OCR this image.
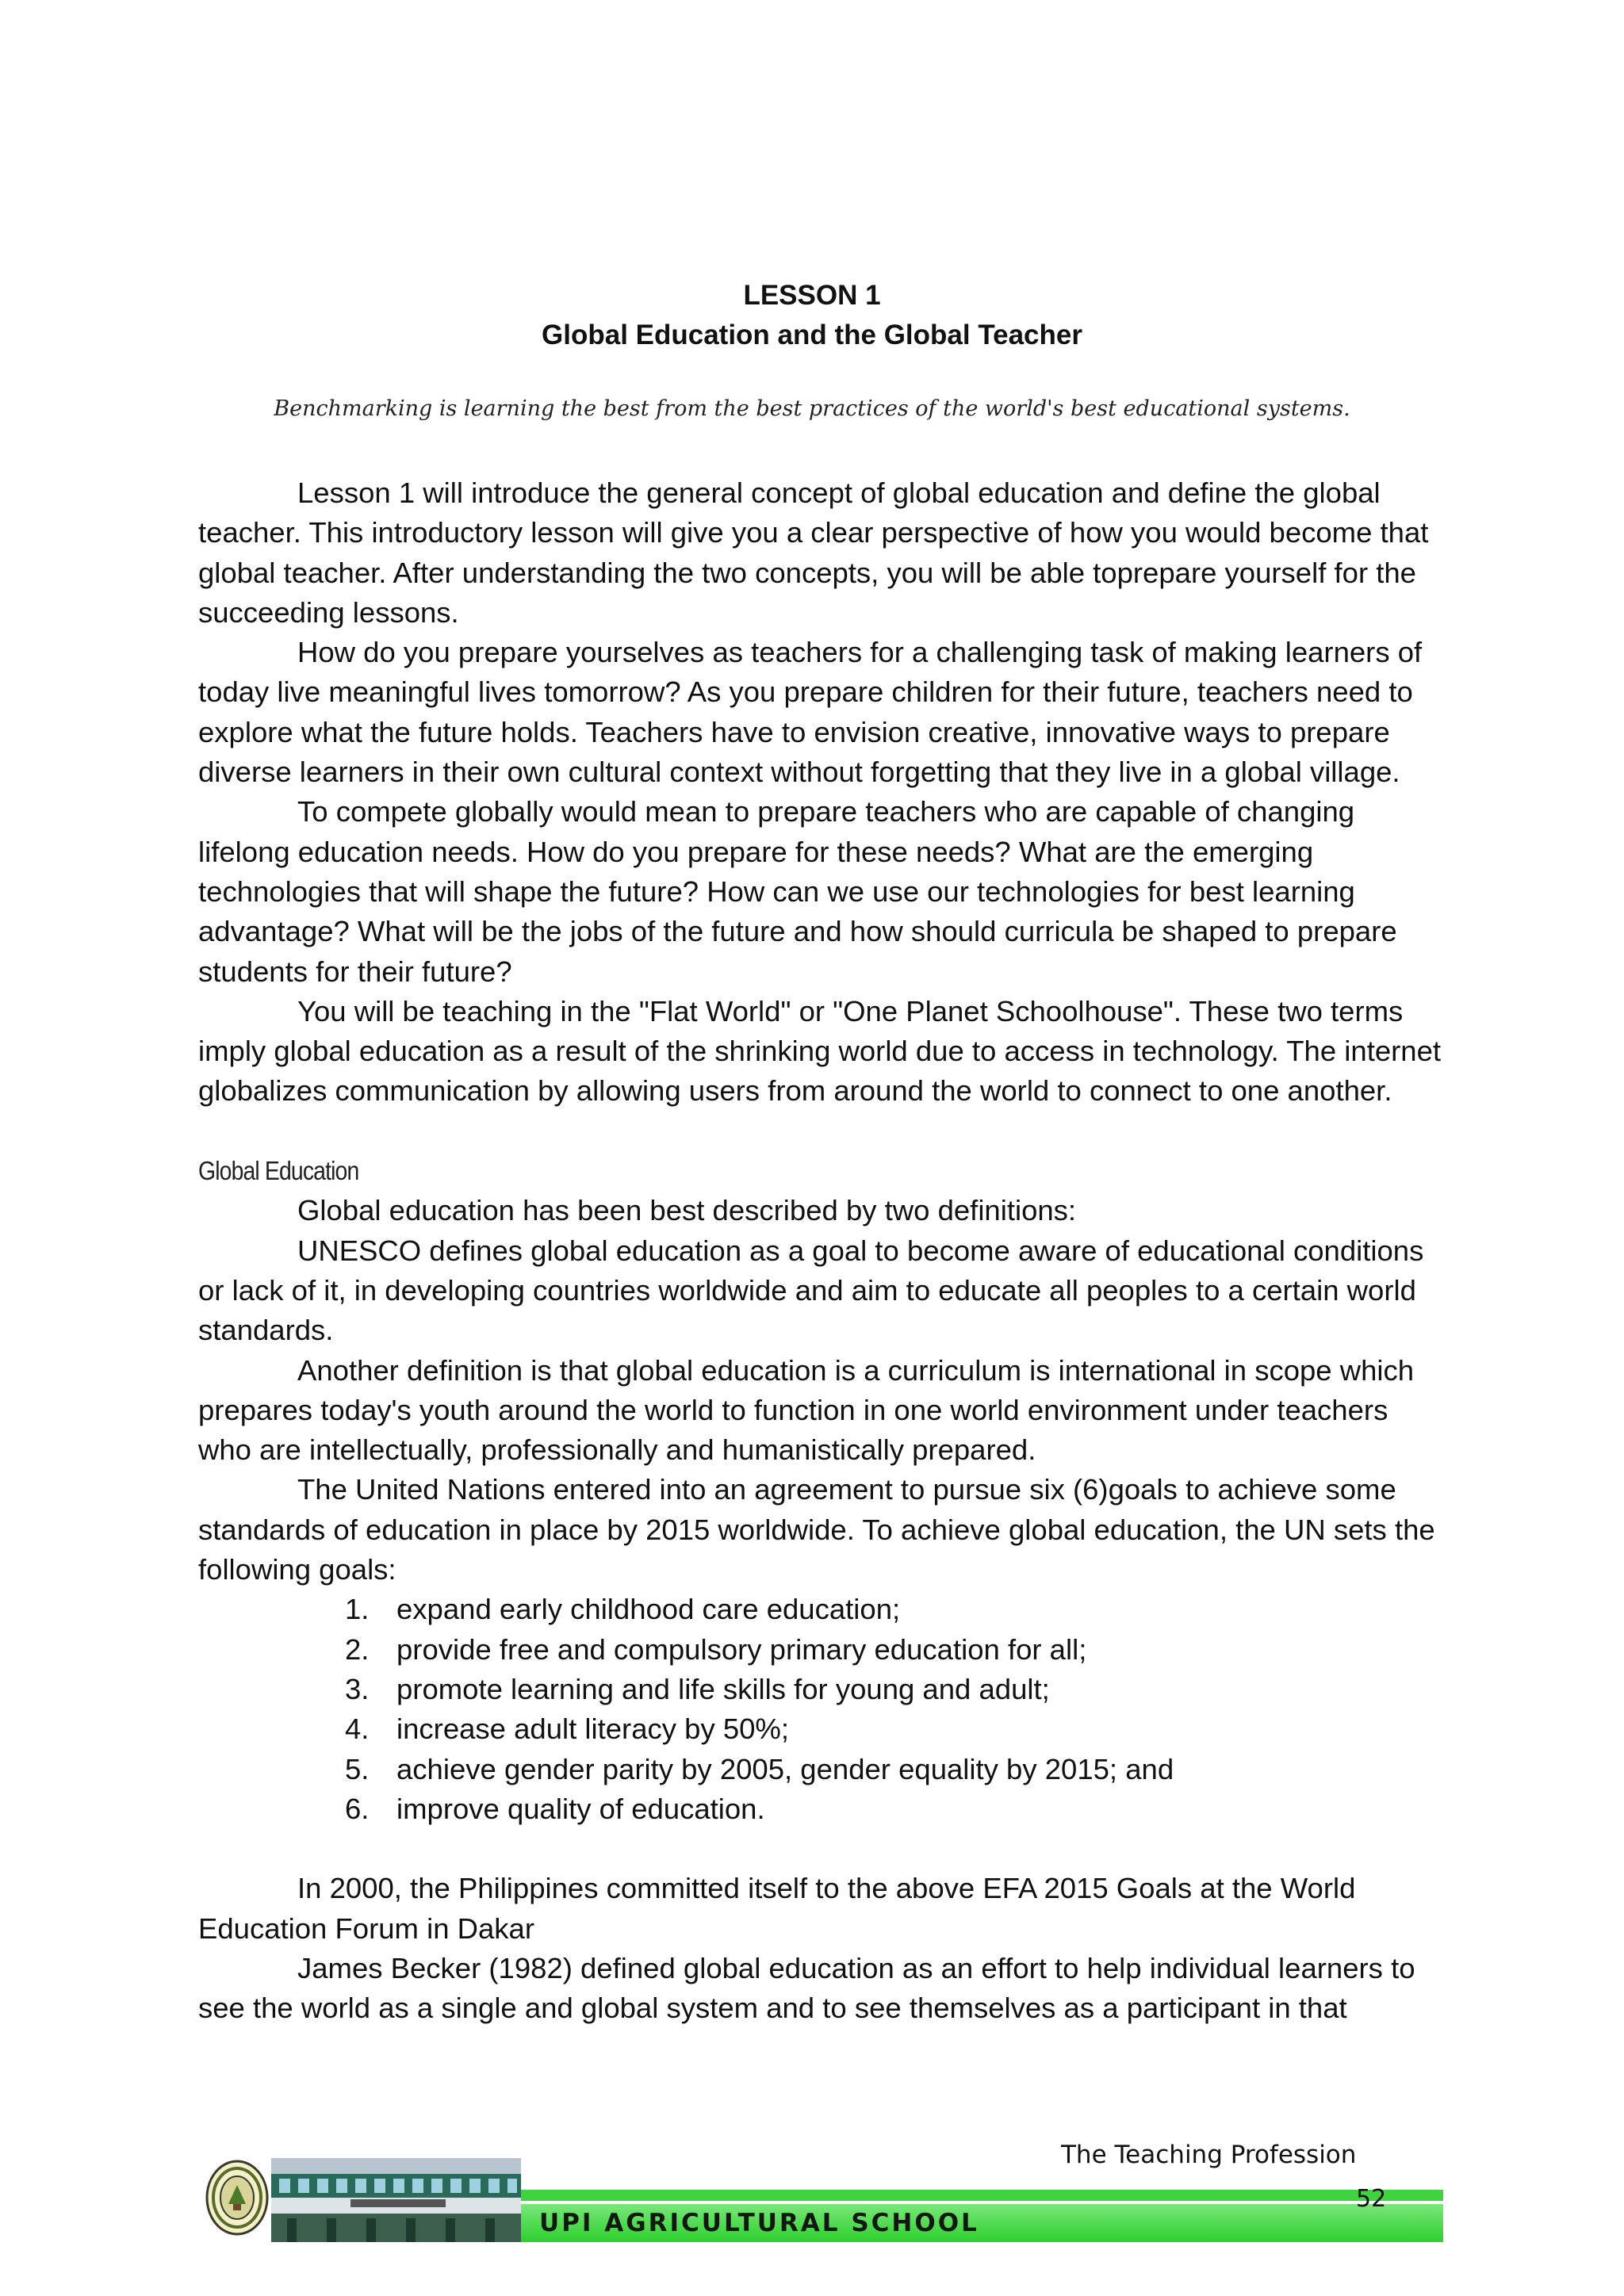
LESSON 1
Global Education and the Global Teacher
Benchmarking is learning the best from the best practices of the world's best educational systems.

Lesson 1 will introduce the general concept of global education and define the global teacher. This introductory lesson will give you a clear perspective of how you would become that global teacher. After understanding the two concepts, you will be able toprepare yourself for the succeeding lessons.

How do you prepare yourselves as teachers for a challenging task of making learners of today live meaningful lives tomorrow? As you prepare children for their future, teachers need to explore what the future holds. Teachers have to envision creative, innovative ways to prepare diverse learners in their own cultural context without forgetting that they live in a global village.

To compete globally would mean to prepare teachers who are capable of changing lifelong education needs. How do you prepare for these needs? What are the emerging technologies that will shape the future? How can we use our technologies for best learning advantage? What will be the jobs of the future and how should curricula be shaped to prepare students for their future?

You will be teaching in the "Flat World" or "One Planet Schoolhouse". These two terms imply global education as a result of the shrinking world due to access in technology. The internet globalizes communication by allowing users from around the world to connect to one another.

Global Education

Global education has been best described by two definitions:

UNESCO defines global education as a goal to become aware of educational conditions or lack of it, in developing countries worldwide and aim to educate all peoples to a certain world standards.

Another definition is that global education is a curriculum is international in scope which prepares today's youth around the world to function in one world environment under teachers who are intellectually, professionally and humanistically prepared.

The United Nations entered into an agreement to pursue six (6)goals to achieve some standards of education in place by 2015 worldwide. To achieve global education, the UN sets the following goals:

1. expand early childhood care education;
2. provide free and compulsory primary education for all;
3. promote learning and life skills for young and adult;
4. increase adult literacy by 50%;
5. achieve gender parity by 2005, gender equality by 2015; and
6. improve quality of education.

In 2000, the Philippines committed itself to the above EFA 2015 Goals at the World Education Forum in Dakar

James Becker (1982) defined global education as an effort to help individual learners to see the world as a single and global system and to see themselves as a participant in that

The Teaching Profession
UPI AGRICULTURAL SCHOOL
52
